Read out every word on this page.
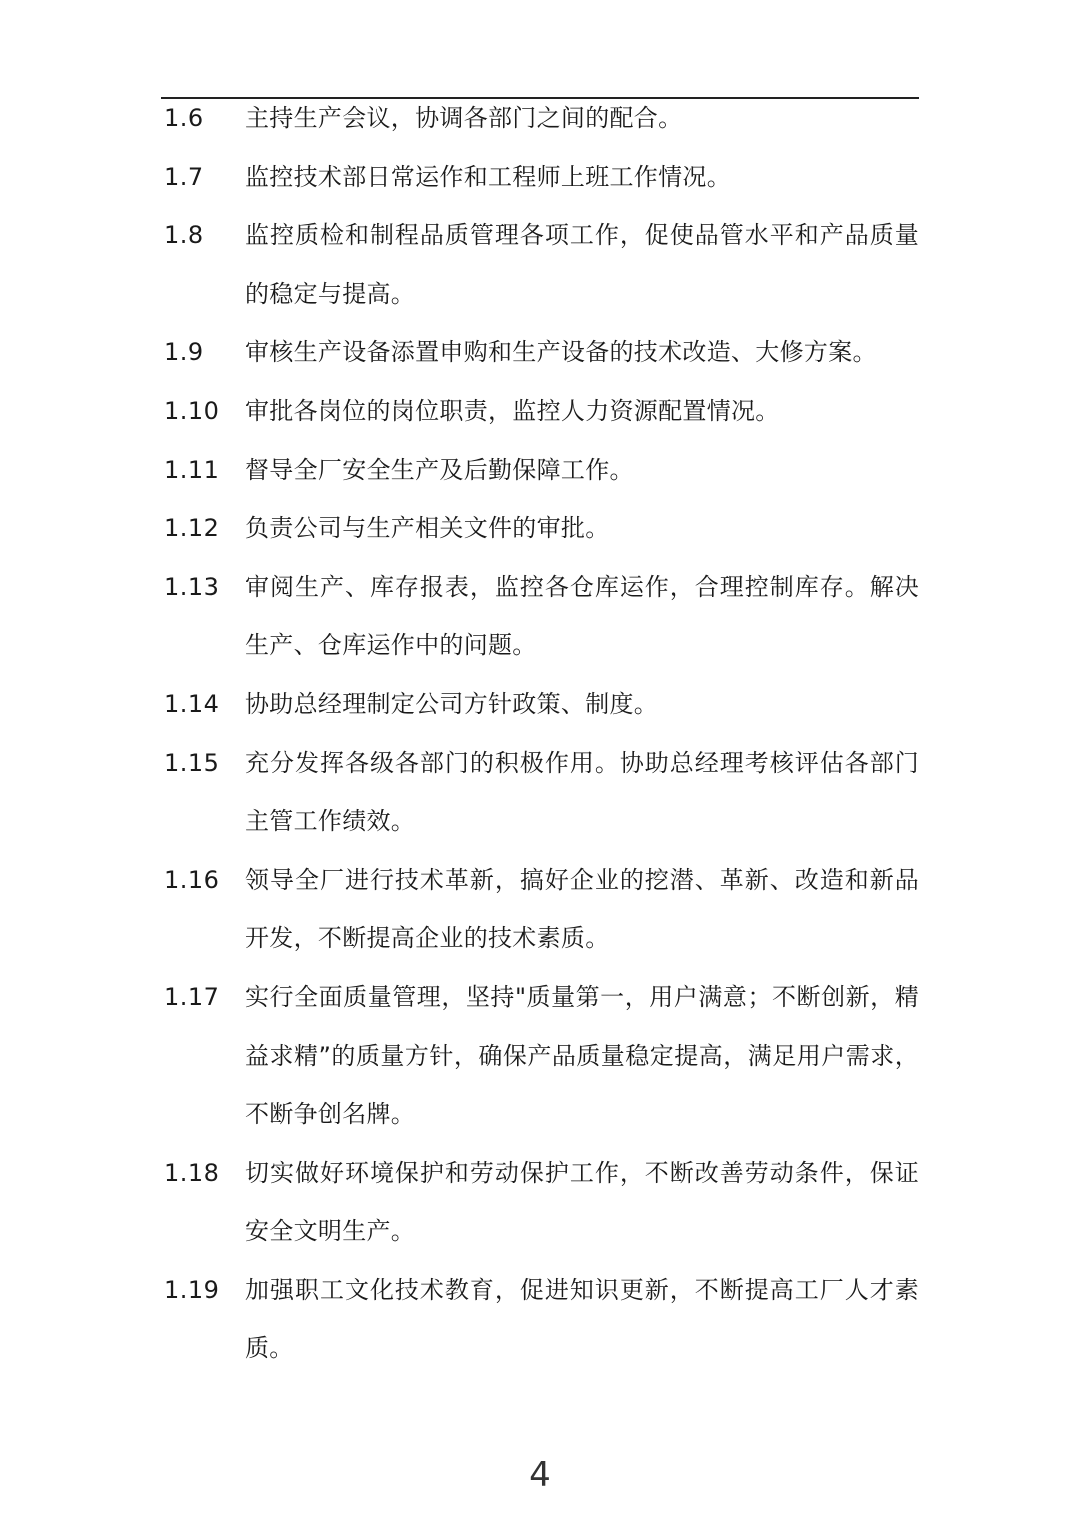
1.6	主持生产会议，协调各部门之间的配合。
1.7	监控技术部日常运作和工程师上班工作情况。
1.8	监控质检和制程品质管理各项工作，促使品管水平和产品质量的稳定与提高。
1.9	审核生产设备添置申购和生产设备的技术改造、大修方案。
1.10	审批各岗位的岗位职责，监控人力资源配置情况。
1.11	督导全厂安全生产及后勤保障工作。
1.12	负责公司与生产相关文件的审批。
1.13	审阅生产、库存报表，监控各仓库运作，合理控制库存。解决生产、仓库运作中的问题。
1.14	协助总经理制定公司方针政策、制度。
1.15	充分发挥各级各部门的积极作用。协助总经理考核评估各部门主管工作绩效。
1.16	领导全厂进行技术革新，搞好企业的挖潜、革新、改造和新品开发，不断提高企业的技术素质。
1.17	实行全面质量管理，坚持"质量第一，用户满意；不断创新，精益求精”的质量方针，确保产品质量稳定提高，满足用户需求，不断争创名牌。
1.18	切实做好环境保护和劳动保护工作，不断改善劳动条件，保证安全文明生产。
1.19	加强职工文化技术教育，促进知识更新，不断提高工厂人才素质。
4
